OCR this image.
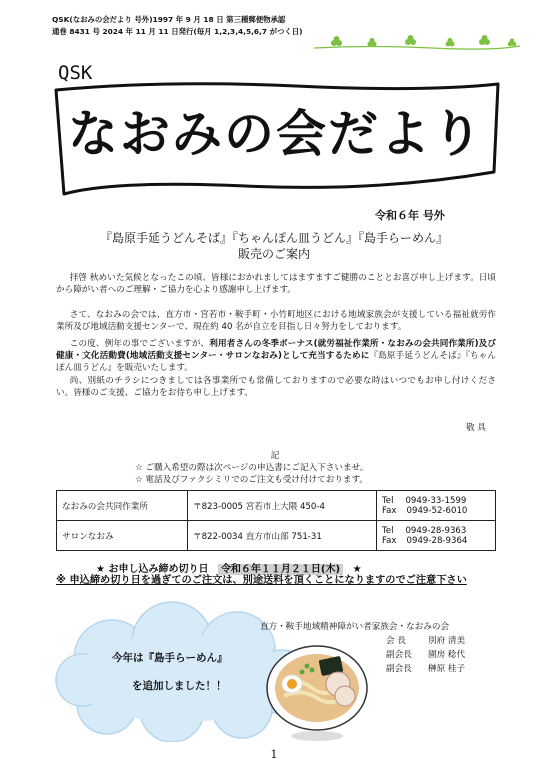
QSK(なおみの会だより 号外)1997 年 9 月 18 日 第三種郵便物承認
通巻 8431 号 2024 年 11 月 11 日発行(毎月 1,2,3,4,5,6,7 がつく日)
QSK
なおみの会だより
令和６年 号外
『島原手延うどんそば』『ちゃんぽん皿うどん』『島手らーめん』
販売のご案内

拝啓 秋めいた気候となったこの頃、皆様におかれましてはますますご健勝のこととお喜び申し上げます。日頃から障がい者へのご理解・ご協力を心より感謝申し上げます。

さて、なおみの会では、直方市・宮若市・鞍手町・小竹町地区における地域家族会が支援している福祉就労作業所及び地域活動支援センターで、現在約 40 名が自立を目指し日々努力をしております。

この度、例年の事でございますが、利用者さんの冬季ボーナス(就労福祉作業所・なおみの会共同作業所)及び健康・文化活動費(地域活動支援センター・サロンなおみ)として充当するために『島原手延うどんそば』『ちゃんぽん皿うどん』を販売いたします。

尚、別紙のチラシにつきましては各事業所でも常備しておりますので必要な時はいつでもお申し付けください。皆様のご支援、ご協力をお待ち申し上げます。

敬 具
記
☆ ご購入希望の際は次ページの申込書にご記入下さいませ。
☆ 電話及びファクシミリでのご注文も受け付けております。
なおみの会共同作業所	〒823-0005 宮若市上大隈 450-4	Tel 0949-33-1599
Fax 0949-52-6010

サロンなおみ	〒822-0034 直方市山部 751-31	Tel 0949-28-9363
Fax 0949-28-9364
★ お申し込み締め切り日 令和６年１１月２１日(木) ★
※ 申込締め切り日を過ぎてのご注文は、別途送料を頂くことになりますのでご注意下さい
今年は『島手らーめん』
を追加しました！！
直方・鞍手地域精神障がい者家族会・なおみの会
会 長	別府 清美
副会長 園房 稔代
副会長 榊原 桂子
1
